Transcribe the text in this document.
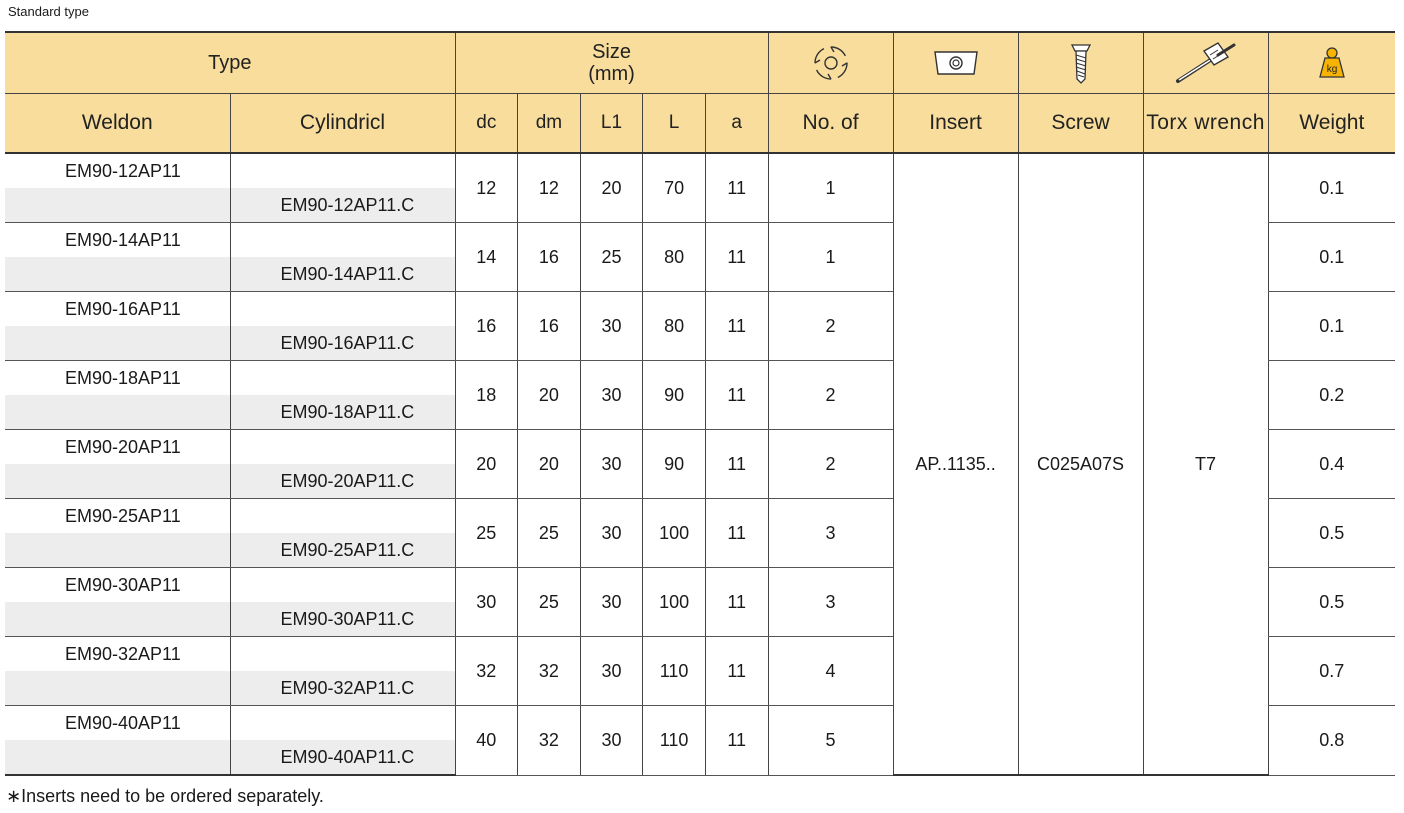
Standard type
Type		Size
(mm)									kg

Weldon	Cylindricl	dc	dm	L1	L	a	No. of	Insert	Screw	Torx wrench	Weight
EM90-12AP11		12	12	20	70	11	1	AP..1135..	C025A07S	T7	0.1
	EM90-12AP11.C										
EM90-14AP11		14	16	25	80	11	1				0.1
	EM90-14AP11.C										
EM90-16AP11		16	16	30	80	11	2				0.1
	EM90-16AP11.C										
EM90-18AP11		18	20	30	90	11	2				0.2
	EM90-18AP11.C										
EM90-20AP11		20	20	30	90	11	2				0.4
	EM90-20AP11.C										
EM90-25AP11		25	25	30	100	11	3				0.5
	EM90-25AP11.C										
EM90-30AP11		30	25	30	100	11	3				0.5
	EM90-30AP11.C										
EM90-32AP11		32	32	30	110	11	4				0.7
	EM90-32AP11.C										
EM90-40AP11		40	32	30	110	11	5				0.8
	EM90-40AP11.C										
∗Inserts need to be ordered separately.
